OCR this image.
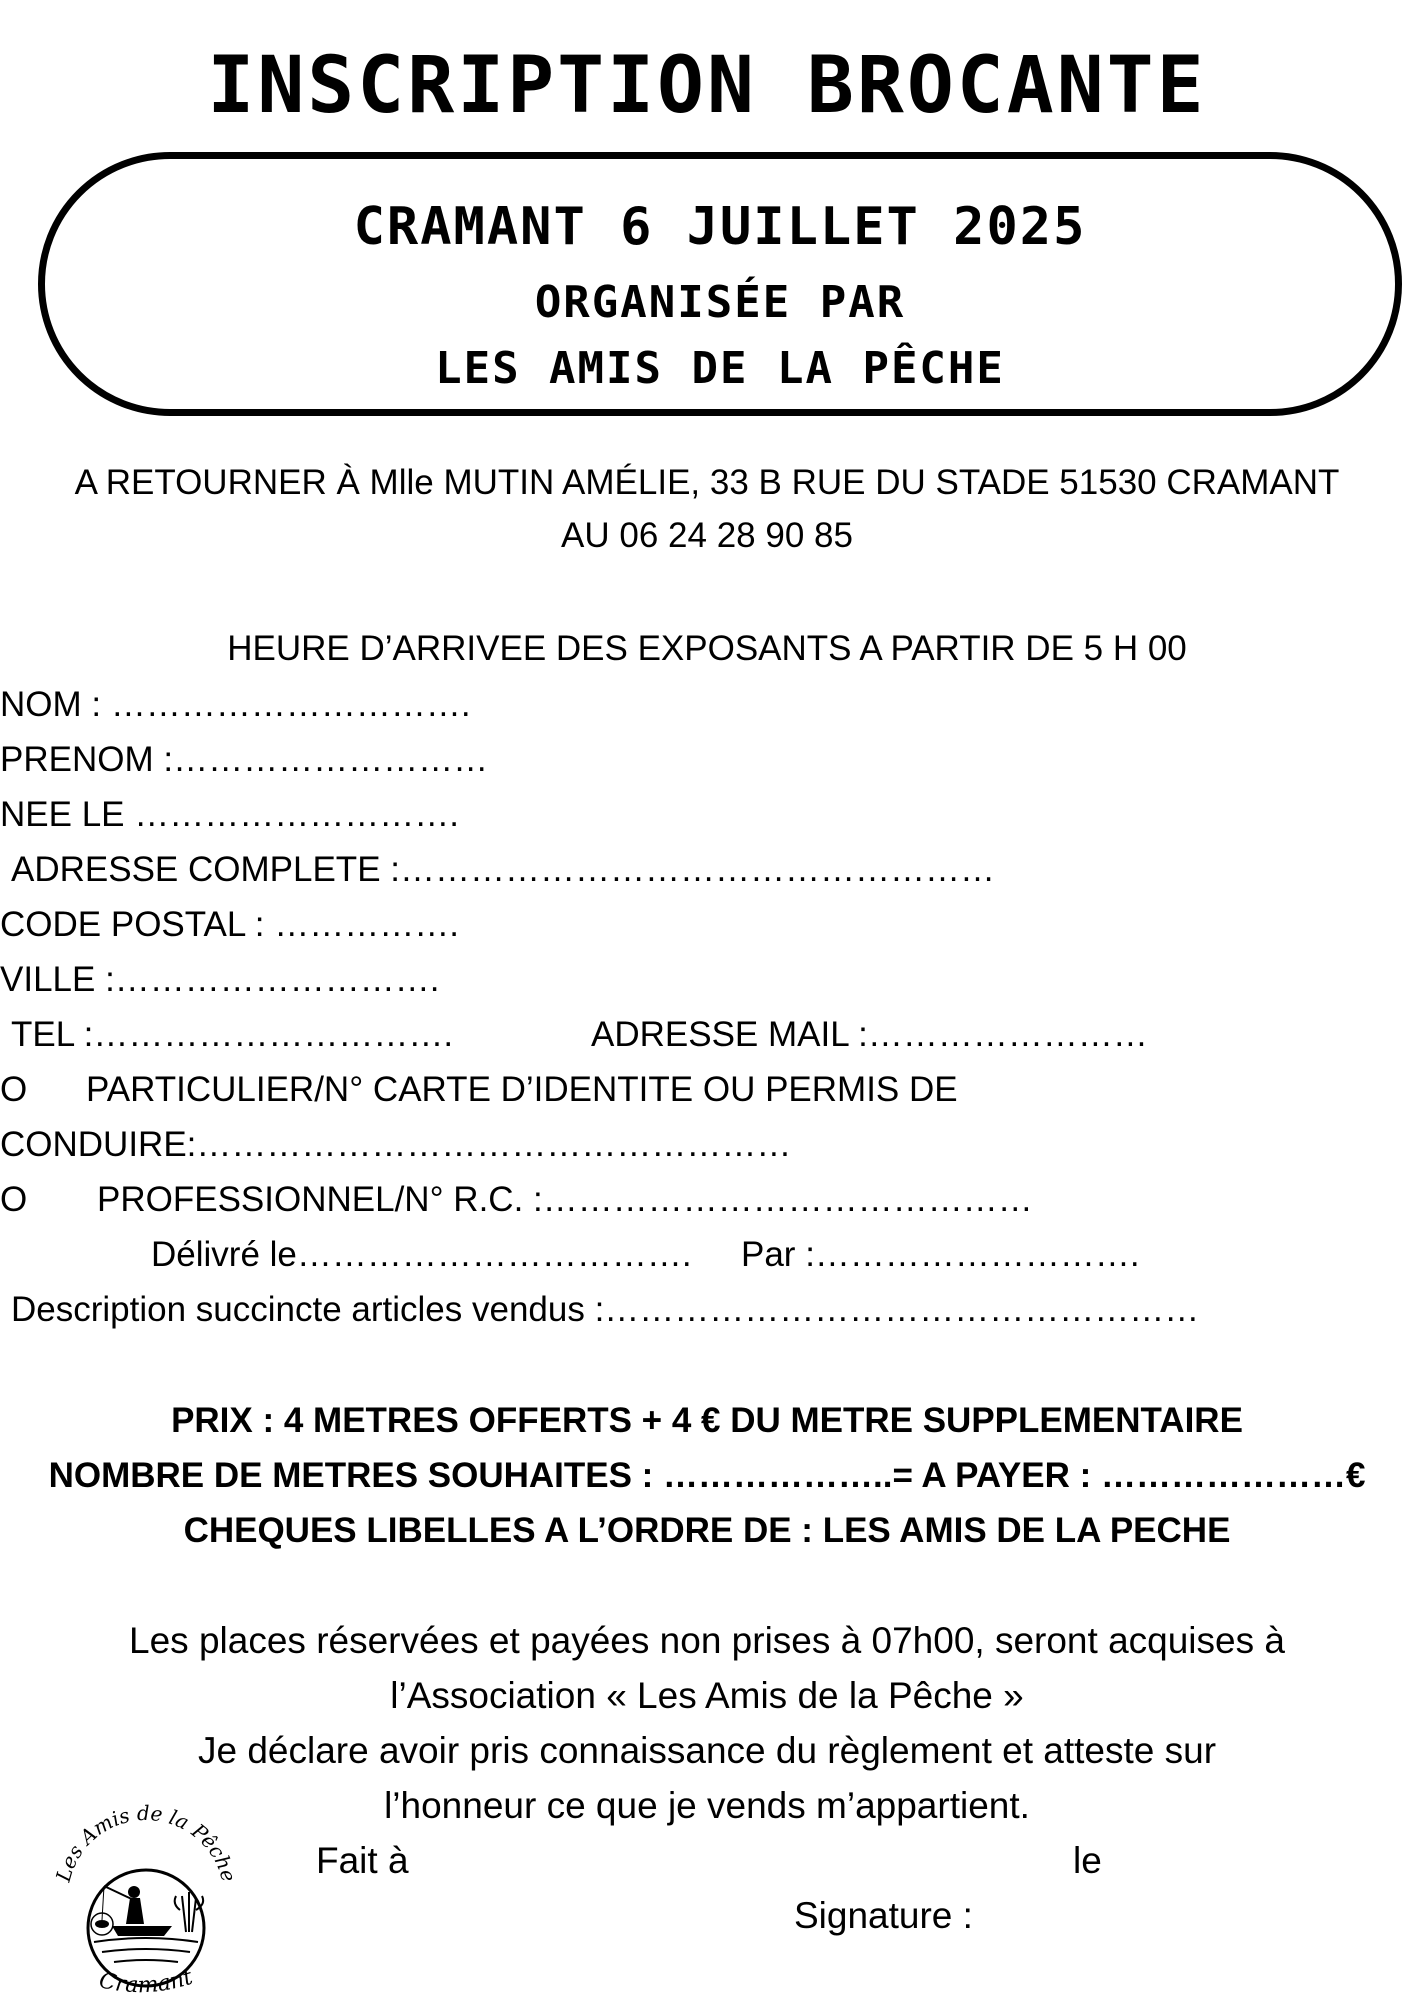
INSCRIPTION BROCANTE
CRAMANT 6 JUILLET 2025
ORGANISÉE PAR
LES AMIS DE LA PÊCHE
A RETOURNER À Mlle MUTIN AMÉLIE, 33 B RUE DU STADE 51530 CRAMANT
AU 06 24 28 90 85
HEURE D’ARRIVEE DES EXPOSANTS A PARTIR DE 5 H 00
NOM : ………………………….
PRENOM :………………………
NEE LE ……………………….
ADRESSE COMPLETE :……………………………………………
CODE POSTAL : …………….
VILLE :……………………….
TEL :………………………….	ADRESSE MAIL :……………………
O PARTICULIER/N° CARTE D’IDENTITE OU PERMIS DE
CONDUIRE:……………………………………………
O PROFESSIONNEL/N° R.C. :……………………………………
Délivré le……………………………. Par :……………………….
Description succincte articles vendus :……………………………………………
PRIX : 4 METRES OFFERTS + 4 € DU METRE SUPPLEMENTAIRE
NOMBRE DE METRES SOUHAITES : ………………..= A PAYER : …………………€
CHEQUES LIBELLES A L’ORDRE DE : LES AMIS DE LA PECHE
Les places réservées et payées non prises à 07h00, seront acquises à
l’Association « Les Amis de la Pêche »
Je déclare avoir pris connaissance du règlement et atteste sur
l’honneur ce que je vends m’appartient.
Fait à	le
Signature :
Les Amis de la Pêche
Cramant
